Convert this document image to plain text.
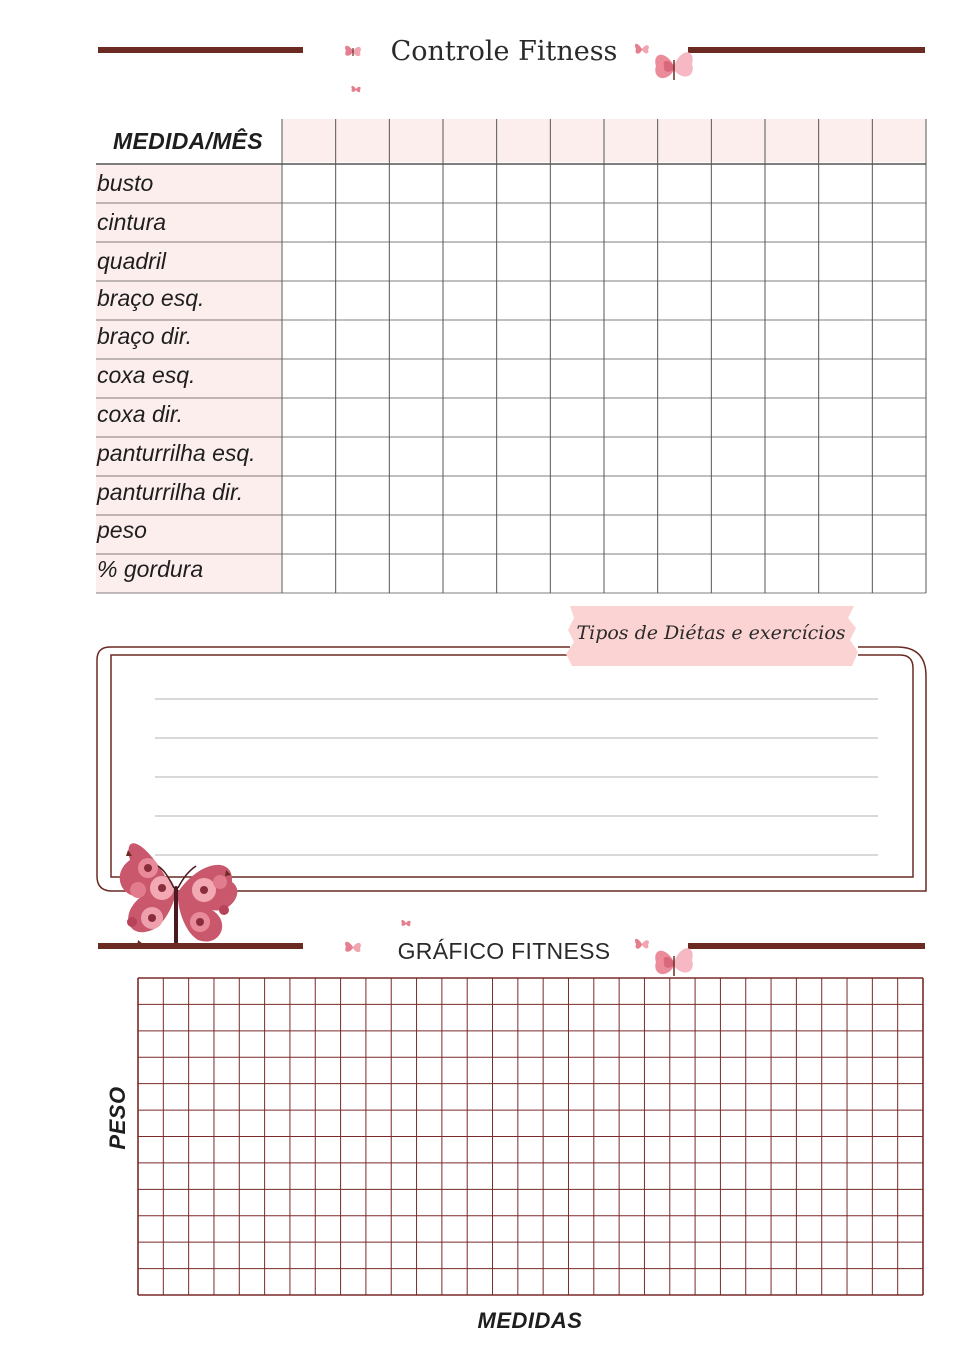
Controle Fitness
MEDIDA/MÊS
busto
cintura
quadril
braço esq.
braço dir.
coxa esq.
coxa dir.
panturrilha esq.
panturrilha dir.
peso
% gordura
Tipos de Diétas e exercícios
GRÁFICO FITNESS
PESO
MEDIDAS
